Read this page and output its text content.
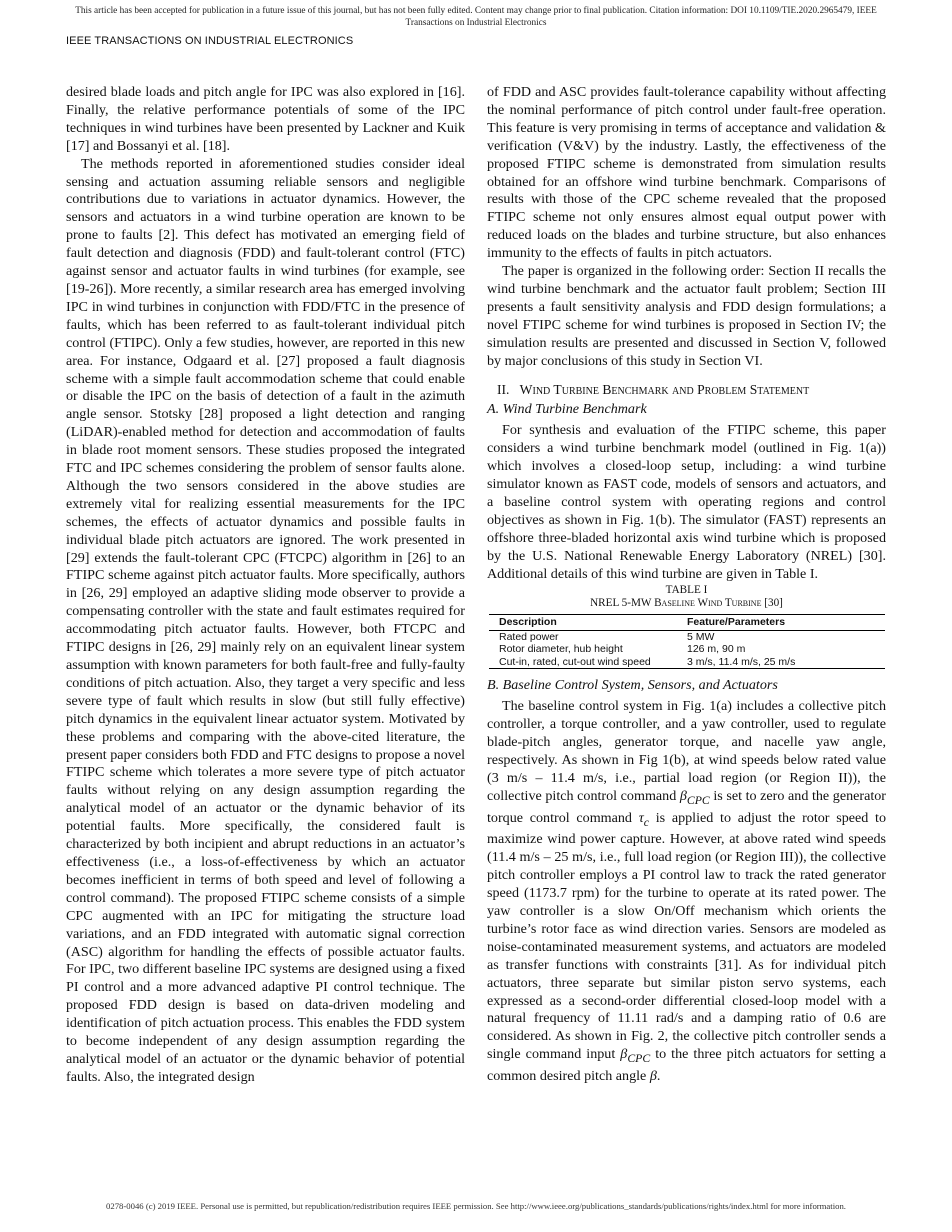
This article has been accepted for publication in a future issue of this journal, but has not been fully edited. Content may change prior to final publication. Citation information: DOI 10.1109/TIE.2020.2965479, IEEE
Transactions on Industrial Electronics
IEEE TRANSACTIONS ON INDUSTRIAL ELECTRONICS

desired blade loads and pitch angle for IPC was also explored in [16]. Finally, the relative performance potentials of some of the IPC techniques in wind turbines have been presented by Lackner and Kuik [17] and Bossanyi et al. [18].

The methods reported in aforementioned studies consider ideal sensing and actuation assuming reliable sensors and negligible contributions due to variations in actuator dynamics. However, the sensors and actuators in a wind turbine operation are known to be prone to faults [2]. This defect has motivated an emerging field of fault detection and diagnosis (FDD) and fault-tolerant control (FTC) against sensor and actuator faults in wind turbines (for example, see [19-26]). More recently, a similar research area has emerged involving IPC in wind turbines in conjunction with FDD/FTC in the presence of faults, which has been referred to as fault-tolerant individual pitch control (FTIPC). Only a few studies, however, are reported in this new area. For instance, Odgaard et al. [27] proposed a fault diagnosis scheme with a simple fault accommodation scheme that could enable or disable the IPC on the basis of detection of a fault in the azimuth angle sensor. Stotsky [28] proposed a light detection and ranging (LiDAR)-enabled method for detection and accommodation of faults in blade root moment sensors. These studies proposed the integrated FTC and IPC schemes considering the problem of sensor faults alone. Although the two sensors considered in the above studies are extremely vital for realizing essential measurements for the IPC schemes, the effects of actuator dynamics and possible faults in individual blade pitch actuators are ignored. The work presented in [29] extends the fault-tolerant CPC (FTCPC) algorithm in [26] to an FTIPC scheme against pitch actuator faults. More specifically, authors in [26, 29] employed an adaptive sliding mode observer to provide a compensating controller with the state and fault estimates required for accommodating pitch actuator faults. However, both FTCPC and FTIPC designs in [26, 29] mainly rely on an equivalent linear system assumption with known parameters for both fault-free and fully-faulty conditions of pitch actuation. Also, they target a very specific and less severe type of fault which results in slow (but still fully effective) pitch dynamics in the equivalent linear actuator system. Motivated by these problems and comparing with the above-cited literature, the present paper considers both FDD and FTC designs to propose a novel FTIPC scheme which tolerates a more severe type of pitch actuator faults without relying on any design assumption regarding the analytical model of an actuator or the dynamic behavior of its potential faults. More specifically, the considered fault is characterized by both incipient and abrupt reductions in an actuator’s effectiveness (i.e., a loss-of-effectiveness by which an actuator becomes inefficient in terms of both speed and level of following a control command). The proposed FTIPC scheme consists of a simple CPC augmented with an IPC for mitigating the structure load variations, and an FDD integrated with automatic signal correction (ASC) algorithm for handling the effects of possible actuator faults. For IPC, two different baseline IPC systems are designed using a fixed PI control and a more advanced adaptive PI control technique. The proposed FDD design is based on data-driven modeling and identification of pitch actuation process. This enables the FDD system to become independent of any design assumption regarding the analytical model of an actuator or the dynamic behavior of potential faults. Also, the integrated design

of FDD and ASC provides fault-tolerance capability without affecting the nominal performance of pitch control under fault-free operation. This feature is very promising in terms of acceptance and validation & verification (V&V) by the industry. Lastly, the effectiveness of the proposed FTIPC scheme is demonstrated from simulation results obtained for an offshore wind turbine benchmark. Comparisons of results with those of the CPC scheme revealed that the proposed FTIPC scheme not only ensures almost equal output power with reduced loads on the blades and turbine structure, but also enhances immunity to the effects of faults in pitch actuators.

The paper is organized in the following order: Section II recalls the wind turbine benchmark and the actuator fault problem; Section III presents a fault sensitivity analysis and FDD design formulations; a novel FTIPC scheme for wind turbines is proposed in Section IV; the simulation results are presented and discussed in Section V, followed by major conclusions of this study in Section VI.

II. Wind Turbine Benchmark and Problem Statement
A. Wind Turbine Benchmark

For synthesis and evaluation of the FTIPC scheme, this paper considers a wind turbine benchmark model (outlined in Fig. 1(a)) which involves a closed-loop setup, including: a wind turbine simulator known as FAST code, models of sensors and actuators, and a baseline control system with operating regions and control objectives as shown in Fig. 1(b). The simulator (FAST) represents an offshore three-bladed horizontal axis wind turbine which is proposed by the U.S. National Renewable Energy Laboratory (NREL) [30]. Additional details of this wind turbine are given in Table I.

TABLE I
NREL 5-MW Baseline Wind Turbine [30]
Description	Feature/Parameters
Rated power	5 MW
Rotor diameter, hub height	126 m, 90 m
Cut-in, rated, cut-out wind speed	3 m/s, 11.4 m/s, 25 m/s
B. Baseline Control System, Sensors, and Actuators

The baseline control system in Fig. 1(a) includes a collective pitch controller, a torque controller, and a yaw controller, used to regulate blade-pitch angles, generator torque, and nacelle yaw angle, respectively. As shown in Fig 1(b), at wind speeds below rated value (3 m/s – 11.4 m/s, i.e., partial load region (or Region II)), the collective pitch control command $\beta_{CPC}$ is set to zero and the generator torque control command $\tau_c$ is applied to adjust the rotor speed to maximize wind power capture. However, at above rated wind speeds (11.4 m/s – 25 m/s, i.e., full load region (or Region III)), the collective pitch controller employs a PI control law to track the rated generator speed (1173.7 rpm) for the turbine to operate at its rated power. The yaw controller is a slow On/Off mechanism which orients the turbine’s rotor face as wind direction varies. Sensors are modeled as noise-contaminated measurement systems, and actuators are modeled as transfer functions with constraints [31]. As for individual pitch actuators, three separate but similar piston servo systems, each expressed as a second-order differential closed-loop model with a natural frequency of 11.11 rad/s and a damping ratio of 0.6 are considered. As shown in Fig. 2, the collective pitch controller sends a single command input $\beta_{CPC}$ to the three pitch actuators for setting a common desired pitch angle β.

0278-0046 (c) 2019 IEEE. Personal use is permitted, but republication/redistribution requires IEEE permission. See http://www.ieee.org/publications_standards/publications/rights/index.html for more information.
